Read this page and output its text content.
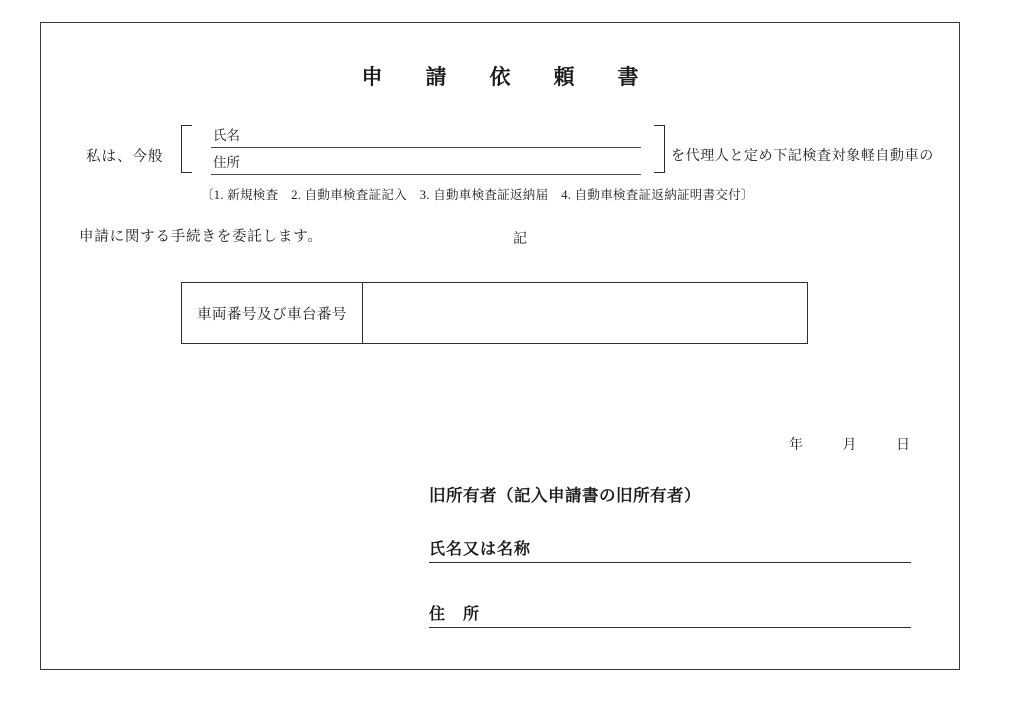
申　請　依　頼　書
私は、今般
氏名
住所	を代理人と定め下記検査対象軽自動車の
〔1. 新規検査　2. 自動車検査証記入　3. 自動車検査証返納届　4. 自動車検査証返納証明書交付〕
申請に関する手続きを委託します。	記
車両番号及び車台番号	
年	月	日
旧所有者（記入申請書の旧所有者）
氏名又は名称
住　所
